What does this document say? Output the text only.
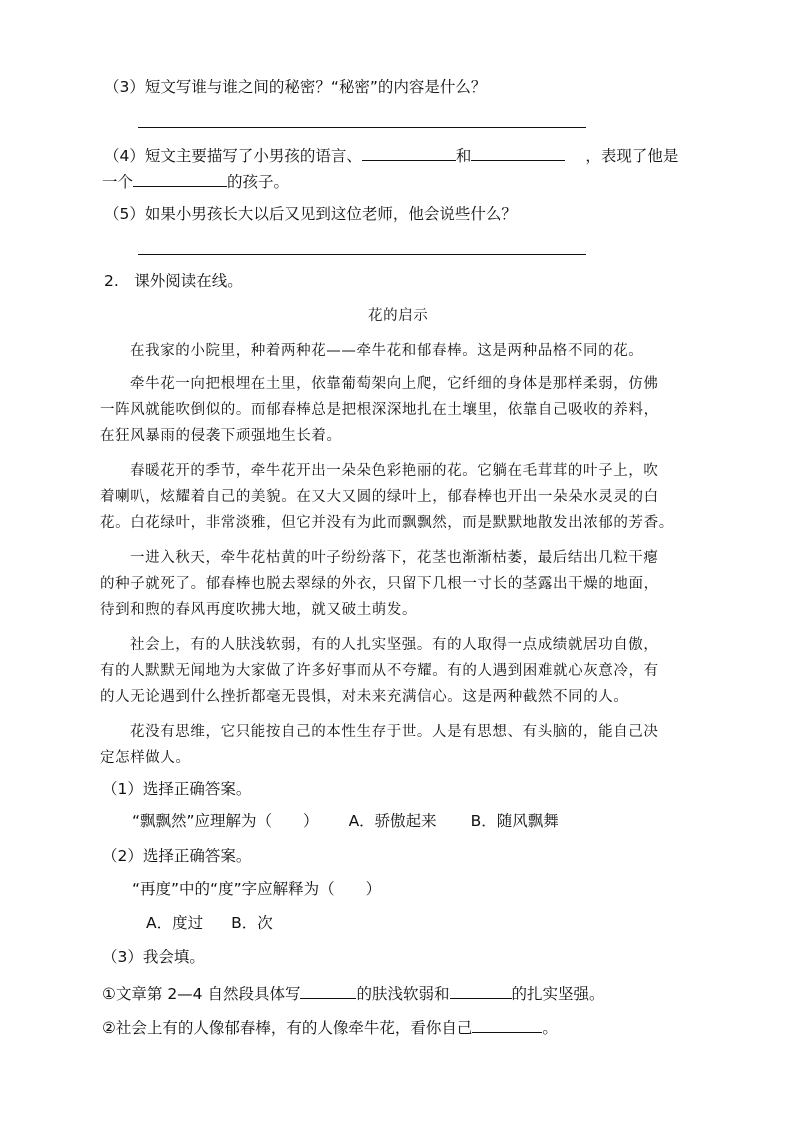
（3）短文写谁与谁之间的秘密？“秘密”的内容是什么？
（4）短文主要描写了小男孩的语言、	和	，表现了他是
一个	的孩子。
（5）如果小男孩长大以后又见到这位老师，他会说些什么？
2.　课外阅读在线。
花的启示
在我家的小院里，种着两种花——牵牛花和郁春棒。这是两种品格不同的花。
牵牛花一向把根埋在土里，依靠葡萄架向上爬，它纤细的身体是那样柔弱，仿佛
一阵风就能吹倒似的。而郁春棒总是把根深深地扎在土壤里，依靠自己吸收的养料，
在狂风暴雨的侵袭下顽强地生长着。
春暖花开的季节，牵牛花开出一朵朵色彩艳丽的花。它躺在毛茸茸的叶子上，吹
着喇叭，炫耀着自己的美貌。在又大又圆的绿叶上，郁春棒也开出一朵朵水灵灵的白
花。白花绿叶，非常淡雅，但它并没有为此而飘飘然，而是默默地散发出浓郁的芳香。
一进入秋天，牵牛花枯黄的叶子纷纷落下，花茎也渐渐枯萎，最后结出几粒干瘪
的种子就死了。郁春棒也脱去翠绿的外衣，只留下几根一寸长的茎露出干燥的地面，
待到和煦的春风再度吹拂大地，就又破土萌发。
社会上，有的人肤浅软弱，有的人扎实坚强。有的人取得一点成绩就居功自傲，
有的人默默无闻地为大家做了许多好事而从不夸耀。有的人遇到困难就心灰意冷，有
的人无论遇到什么挫折都毫无畏惧，对未来充满信心。这是两种截然不同的人。
花没有思维，它只能按自己的本性生存于世。人是有思想、有头脑的，能自己决
定怎样做人。
（1）选择正确答案。
“飘飘然”应理解为（　　） A．骄傲起来 B．随风飘舞
（2）选择正确答案。
“再度”中的“度”字应解释为（　　）
A．度过 B．次
（3）我会填。
①文章第 2—4 自然段具体写	的肤浅软弱和	的扎实坚强。
②社会上有的人像郁春棒，有的人像牵牛花，看你自己	。
